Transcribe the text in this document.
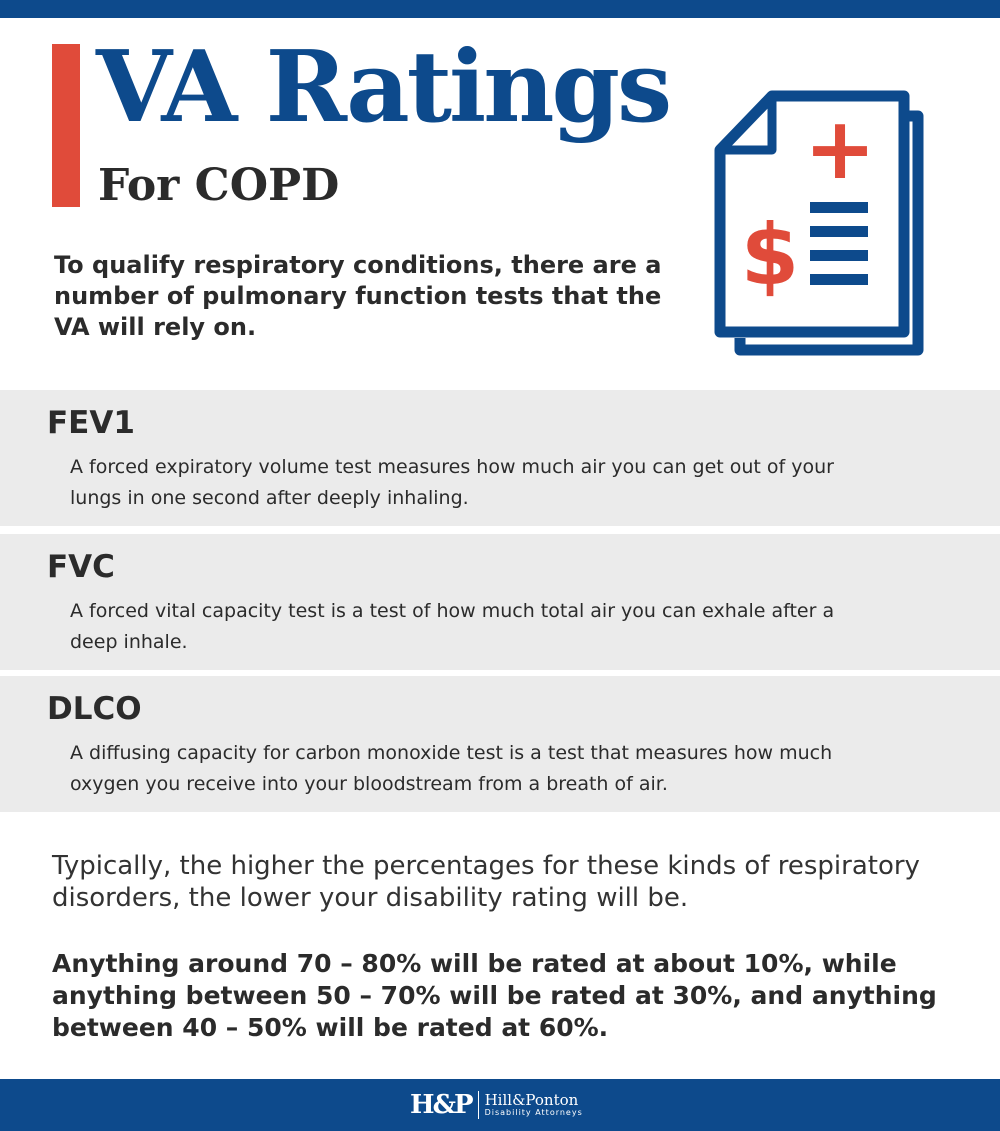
VA Ratings
For COPD

To qualify respiratory conditions, there are a number of pulmonary function tests that the VA will rely on.

+
$
FEV1

A forced expiratory volume test measures how much air you can get out of your lungs in one second after deeply inhaling.

FVC

A forced vital capacity test is a test of how much total air you can exhale after a deep inhale.

DLCO

A diffusing capacity for carbon monoxide test is a test that measures how much oxygen you receive into your bloodstream from a breath of air.

Typically, the higher the percentages for these kinds of respiratory disorders, the lower your disability rating will be.

Anything around 70 – 80% will be rated at about 10%, while anything between 50 – 70% will be rated at 30%, and anything between 40 – 50% will be rated at 60%.

H&P Hill&Ponton
Disability Attorneys
